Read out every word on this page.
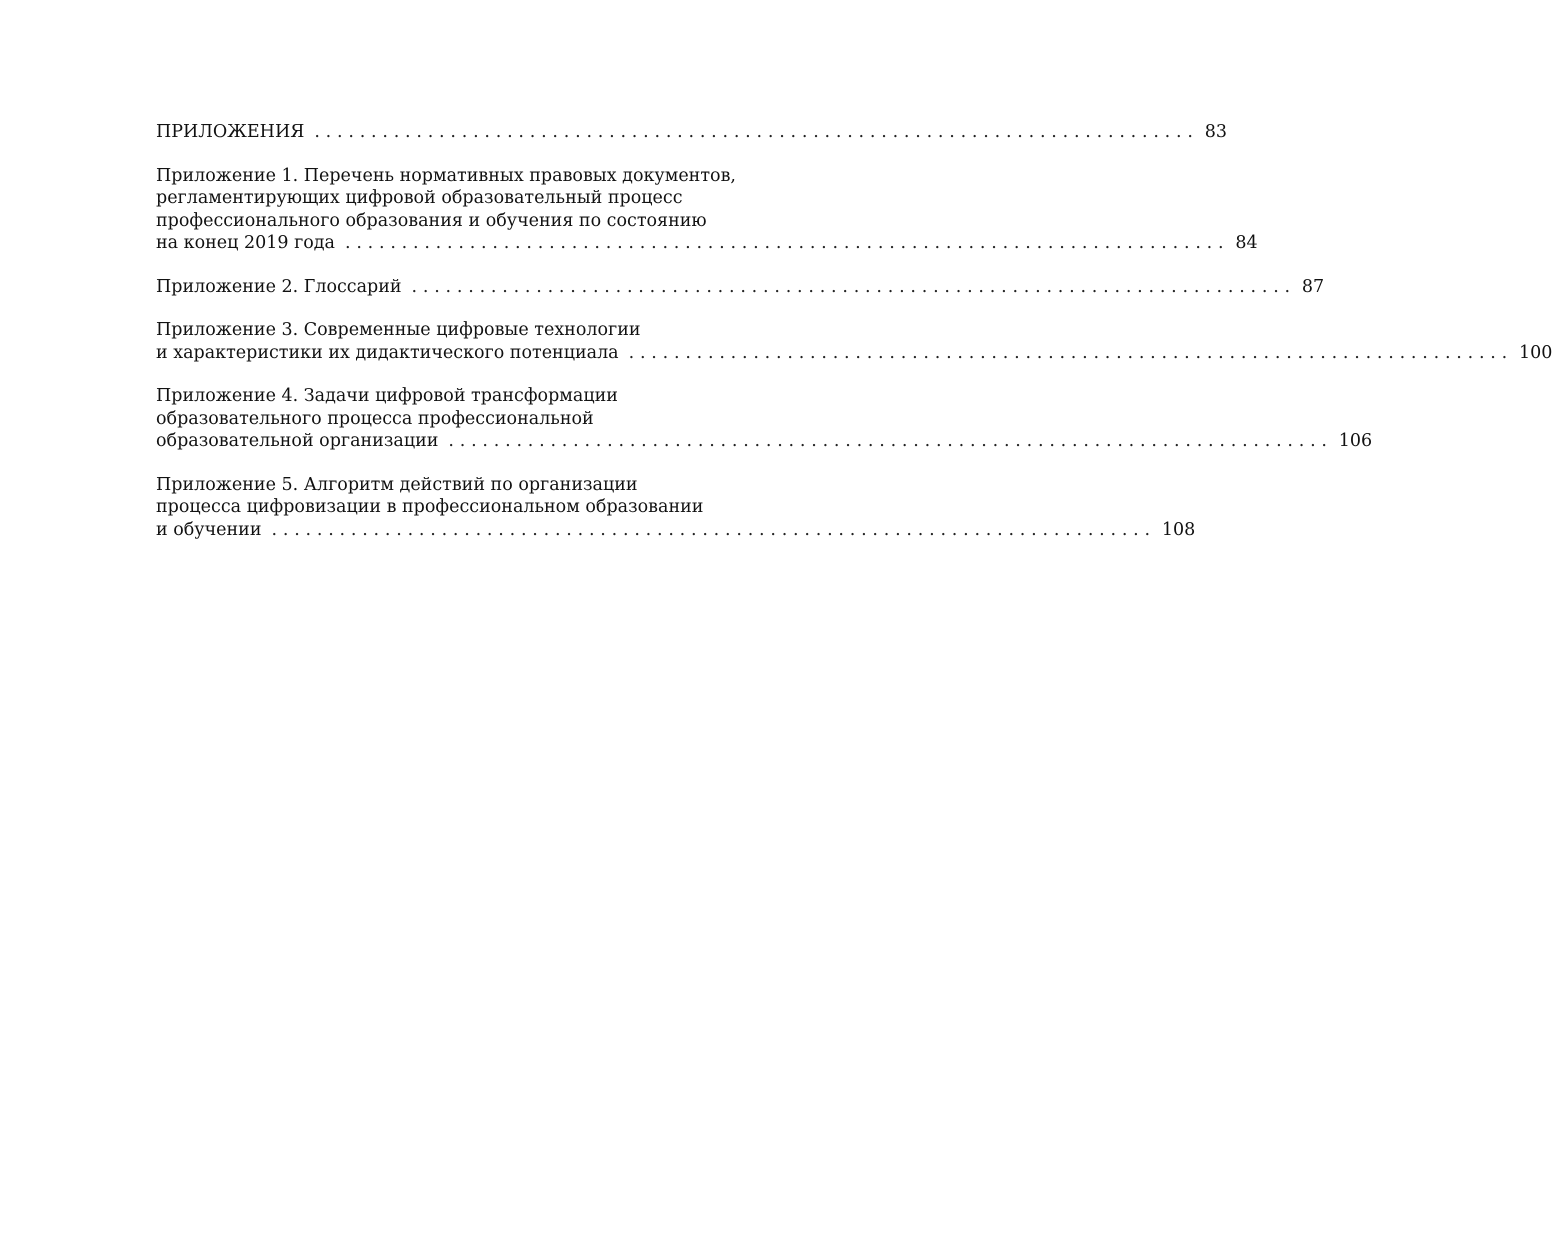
ПРИЛОЖЕНИЯ .............................................................................. 83
Приложение 1. Перечень нормативных правовых документов,
регламентирующих цифровой образовательный процесс
профессионального образования и обучения по состоянию
на конец 2019 года .............................................................................. 84
Приложение 2. Глоссарий .............................................................................. 87
Приложение 3. Современные цифровые технологии
и характеристики их дидактического потенциала .............................................................................. 100
Приложение 4. Задачи цифровой трансформации
образовательного процесса профессиональной
образовательной организации .............................................................................. 106
Приложение 5. Алгоритм действий по организации
процесса цифровизации в профессиональном образовании
и обучении .............................................................................. 108
